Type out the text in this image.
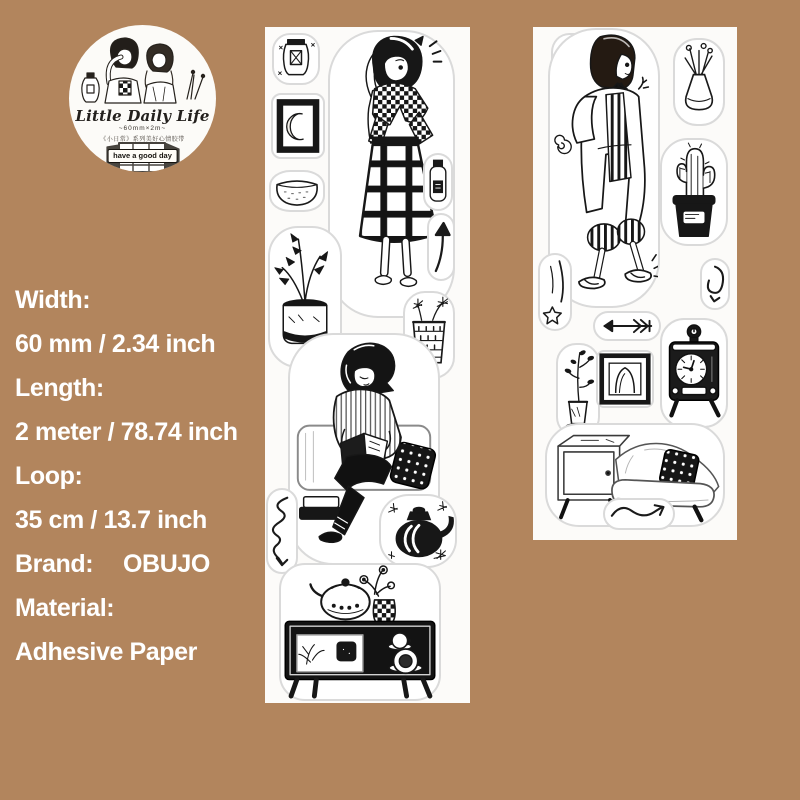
Little Daily Life
~60mm×2m~
《小日常》系列美好心情胶带
have a good day
Width:
60 mm / 2.34 inch
Length:
2 meter / 78.74 inch
Loop:
35 cm / 13.7 inch
Brand: OBUJO
Material:
Adhesive Paper
